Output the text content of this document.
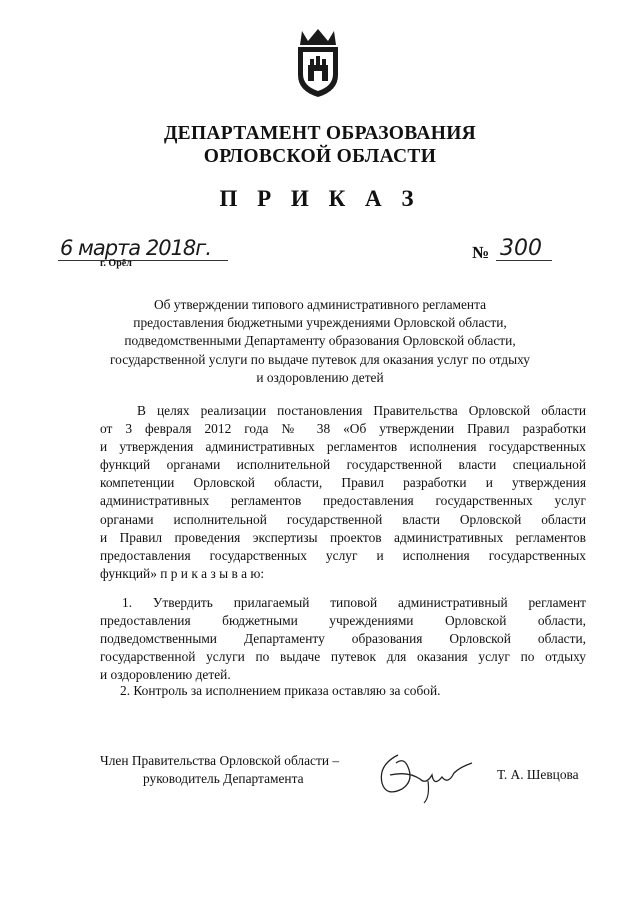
ДЕПАРТАМЕНТ ОБРАЗОВАНИЯ
ОРЛОВСКОЙ ОБЛАСТИ
П Р И К А З
6 марта 2018г.
г. Орёл
№ 300
Об утверждении типового административного регламента
предоставления бюджетными учреждениями Орловской области,
подведомственными Департаменту образования Орловской области,
государственной услуги по выдаче путевок для оказания услуг по отдыху
и оздоровлению детей
В целях реализации постановления Правительства Орловской области
от 3 февраля 2012 года № 38 «Об утверждении Правил разработки
и утверждения административных регламентов исполнения государственных
функций органами исполнительной государственной власти специальной
компетенции Орловской области, Правил разработки и утверждения
административных регламентов предоставления государственных услуг
органами исполнительной государственной власти Орловской области
и Правил проведения экспертизы проектов административных регламентов
предоставления государственных услуг и исполнения государственных
функций» п р и к а з ы в а ю:
1. Утвердить прилагаемый типовой административный регламент
предоставления бюджетными учреждениями Орловской области,
подведомственными Департаменту образования Орловской области,
государственной услуги по выдаче путевок для оказания услуг по отдыху
и оздоровлению детей.
2. Контроль за исполнением приказа оставляю за собой.
Член Правительства Орловской области –
руководитель Департамента	Т. А. Шевцова
